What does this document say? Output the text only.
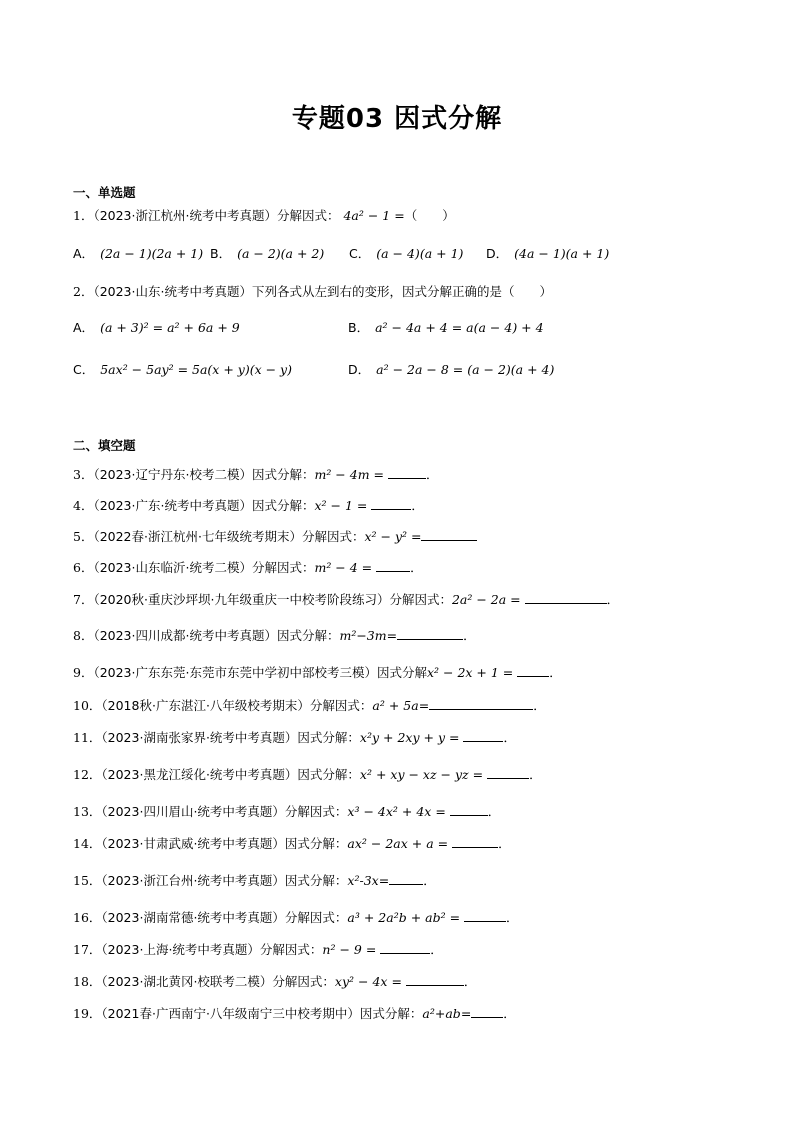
专题03 因式分解
一、单选题
1．（2023·浙江杭州·统考中考真题）分解因式： 4a² − 1 =（　　）
A． (2a − 1)(2a + 1) B． (a − 2)(a + 2) C． (a − 4)(a + 1) D． (4a − 1)(a + 1)
2．（2023·山东·统考中考真题）下列各式从左到右的变形，因式分解正确的是（　　）
A． (a + 3)² = a² + 6a + 9	B． a² − 4a + 4 = a(a − 4) + 4
C． 5ax² − 5ay² = 5a(x + y)(x − y)	D． a² − 2a − 8 = (a − 2)(a + 4)
二、填空题
3．（2023·辽宁丹东·校考二模）因式分解：m² − 4m =	．
4．（2023·广东·统考中考真题）因式分解：x² − 1 =	．
5．（2022春·浙江杭州·七年级统考期末）分解因式：x² − y² =
6．（2023·山东临沂·统考二模）分解因式：m² − 4 =	．
7．（2020秋·重庆沙坪坝·九年级重庆一中校考阶段练习）分解因式：2a² − 2a =	．
8．（2023·四川成都·统考中考真题）因式分解：m²−3m=	．
9．（2023·广东东莞·东莞市东莞中学初中部校考三模）因式分解x² − 2x + 1 =	．
10．（2018秋·广东湛江·八年级校考期末）分解因式：a² + 5a=	．
11．（2023·湖南张家界·统考中考真题）因式分解：x²y + 2xy + y =	．
12．（2023·黑龙江绥化·统考中考真题）因式分解：x² + xy − xz − yz =	．
13．（2023·四川眉山·统考中考真题）分解因式：x³ − 4x² + 4x =	．
14．（2023·甘肃武威·统考中考真题）因式分解：ax² − 2ax + a =	．
15．（2023·浙江台州·统考中考真题）因式分解：x²-3x=	．
16．（2023·湖南常德·统考中考真题）分解因式：a³ + 2a²b + ab² =	．
17．（2023·上海·统考中考真题）分解因式：n² − 9 =	．
18．（2023·湖北黄冈·校联考二模）分解因式：xy² − 4x =	．
19．（2021春·广西南宁·八年级南宁三中校考期中）因式分解：a²+ab=	．
